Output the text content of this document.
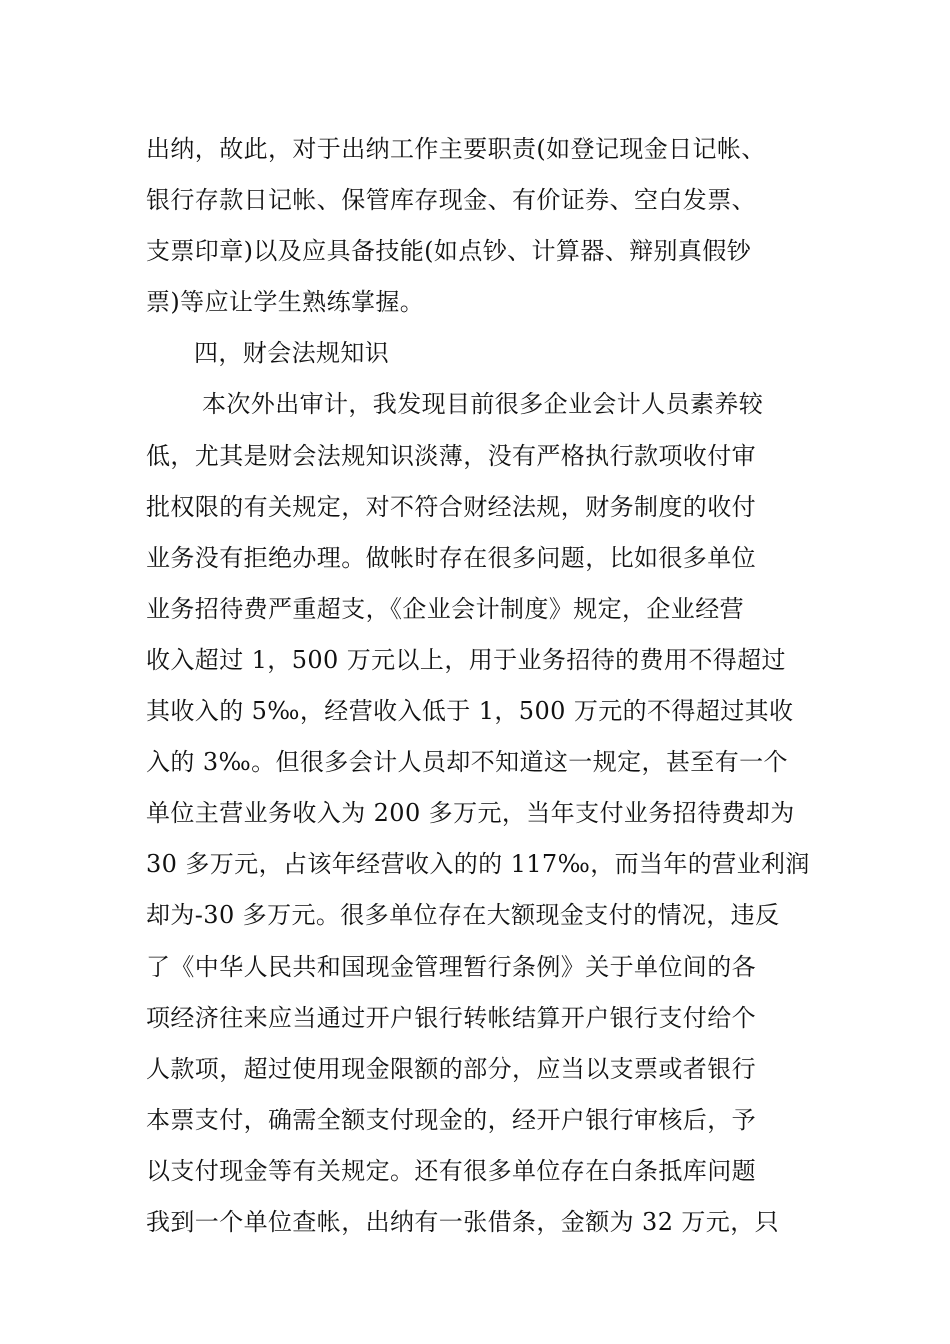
出纳，故此，对于出纳工作主要职责(如登记现金日记帐、
银行存款日记帐、保管库存现金、有价证券、空白发票、
支票印章)以及应具备技能(如点钞、计算器、辩别真假钞
票)等应让学生熟练掌握。
四，财会法规知识
本次外出审计，我发现目前很多企业会计人员素养较
低，尤其是财会法规知识淡薄，没有严格执行款项收付审
批权限的有关规定，对不符合财经法规，财务制度的收付
业务没有拒绝办理。做帐时存在很多问题，比如很多单位
业务招待费严重超支，《企业会计制度》规定，企业经营
收入超过 1，500 万元以上，用于业务招待的费用不得超过
其收入的 5‰，经营收入低于 1，500 万元的不得超过其收
入的 3‰。但很多会计人员却不知道这一规定，甚至有一个
单位主营业务收入为 200 多万元，当年支付业务招待费却为
30 多万元，占该年经营收入的的 117‰，而当年的营业利润
却为-30 多万元。很多单位存在大额现金支付的情况，违反
了《中华人民共和国现金管理暂行条例》关于单位间的各
项经济往来应当通过开户银行转帐结算开户银行支付给个
人款项，超过使用现金限额的部分，应当以支票或者银行
本票支付，确需全额支付现金的，经开户银行审核后，予
以支付现金等有关规定。还有很多单位存在白条抵库问题
我到一个单位查帐，出纳有一张借条，金额为 32 万元，只
